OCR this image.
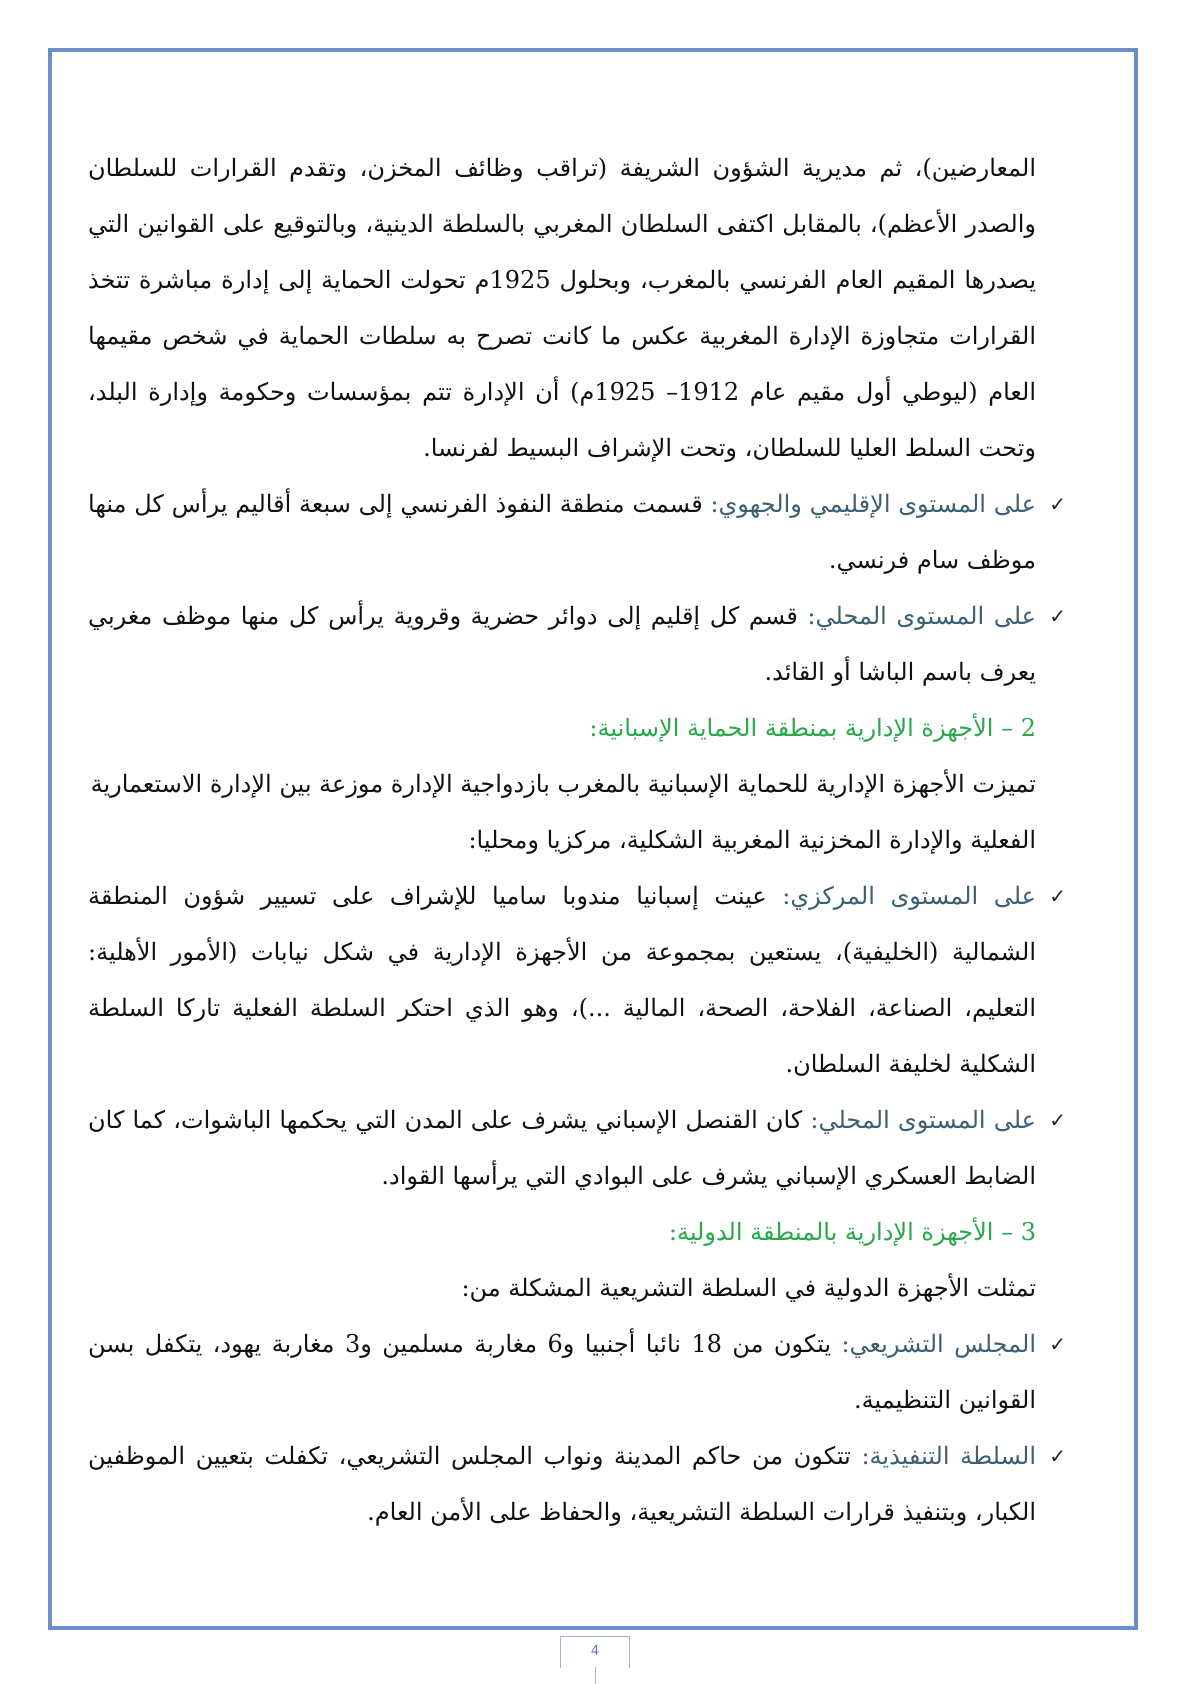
المعارضين)، ثم مديرية الشؤون الشريفة (تراقب وظائف المخزن، وتقدم القرارات للسلطان والصدر الأعظم)، بالمقابل اكتفى السلطان المغربي بالسلطة الدينية، وبالتوقيع على القوانين التي يصدرها المقيم العام الفرنسي بالمغرب، وبحلول 1925م تحولت الحماية إلى إدارة مباشرة تتخذ القرارات متجاوزة الإدارة المغربية عكس ما كانت تصرح به سلطات الحماية في شخص مقيمها العام (ليوطي أول مقيم عام 1912– 1925م) أن الإدارة تتم بمؤسسات وحكومة وإدارة البلد، وتحت السلط العليا للسلطان، وتحت الإشراف البسيط لفرنسا.

✓
على المستوى الإقليمي والجهوي: قسمت منطقة النفوذ الفرنسي إلى سبعة أقاليم يرأس كل منها موظف سام فرنسي.
✓
على المستوى المحلي: قسم كل إقليم إلى دوائر حضرية وقروية يرأس كل منها موظف مغربي يعرف باسم الباشا أو القائد.

2 – الأجهزة الإدارية بمنطقة الحماية الإسبانية:

تميزت الأجهزة الإدارية للحماية الإسبانية بالمغرب بازدواجية الإدارة موزعة بين الإدارة الاستعمارية

الفعلية والإدارة المخزنية المغربية الشكلية، مركزيا ومحليا:

✓
على المستوى المركزي: عينت إسبانيا مندوبا ساميا للإشراف على تسيير شؤون المنطقة الشمالية (الخليفية)، يستعين بمجموعة من الأجهزة الإدارية في شكل نيابات (الأمور الأهلية: التعليم، الصناعة، الفلاحة، الصحة، المالية ...)، وهو الذي احتكر السلطة الفعلية تاركا السلطة الشكلية لخليفة السلطان.
✓
على المستوى المحلي: كان القنصل الإسباني يشرف على المدن التي يحكمها الباشوات، كما كان الضابط العسكري الإسباني يشرف على البوادي التي يرأسها القواد.

3 – الأجهزة الإدارية بالمنطقة الدولية:

تمثلت الأجهزة الدولية في السلطة التشريعية المشكلة من:

✓
المجلس التشريعي: يتكون من 18 نائبا أجنبيا و6 مغاربة مسلمين و3 مغاربة يهود، يتكفل بسن القوانين التنظيمية.
✓
السلطة التنفيذية: تتكون من حاكم المدينة ونواب المجلس التشريعي، تكفلت بتعيين الموظفين الكبار، وبتنفيذ قرارات السلطة التشريعية، والحفاظ على الأمن العام.
4
